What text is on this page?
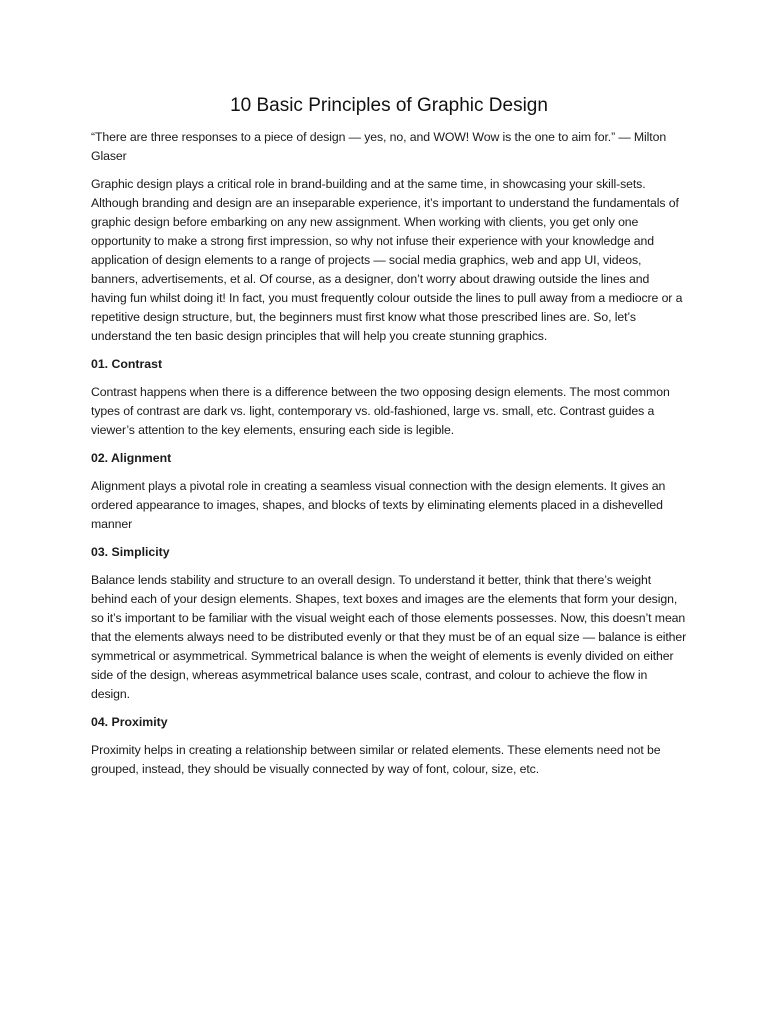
10 Basic Principles of Graphic Design

“There are three responses to a piece of design — yes, no, and WOW! Wow is the one to aim for.” — Milton Glaser

Graphic design plays a critical role in brand-building and at the same time, in showcasing your skill-sets. Although branding and design are an inseparable experience, it’s important to understand the fundamentals of graphic design before embarking on any new assignment. When working with clients, you get only one opportunity to make a strong first impression, so why not infuse their experience with your knowledge and application of design elements to a range of projects — social media graphics, web and app UI, videos, banners, advertisements, et al. Of course, as a designer, don’t worry about drawing outside the lines and having fun whilst doing it! In fact, you must frequently colour outside the lines to pull away from a mediocre or a repetitive design structure, but, the beginners must first know what those prescribed lines are. So, let’s understand the ten basic design principles that will help you create stunning graphics.

01. Contrast

Contrast happens when there is a difference between the two opposing design elements. The most common types of contrast are dark vs. light, contemporary vs. old-fashioned, large vs. small, etc. Contrast guides a viewer’s attention to the key elements, ensuring each side is legible.

02. Alignment

Alignment plays a pivotal role in creating a seamless visual connection with the design elements. It gives an ordered appearance to images, shapes, and blocks of texts by eliminating elements placed in a dishevelled manner

03. Simplicity

Balance lends stability and structure to an overall design. To understand it better, think that there’s weight behind each of your design elements. Shapes, text boxes and images are the elements that form your design, so it’s important to be familiar with the visual weight each of those elements possesses. Now, this doesn’t mean that the elements always need to be distributed evenly or that they must be of an equal size — balance is either symmetrical or asymmetrical. Symmetrical balance is when the weight of elements is evenly divided on either side of the design, whereas asymmetrical balance uses scale, contrast, and colour to achieve the flow in design.

04. Proximity

Proximity helps in creating a relationship between similar or related elements. These elements need not be grouped, instead, they should be visually connected by way of font, colour, size, etc.
